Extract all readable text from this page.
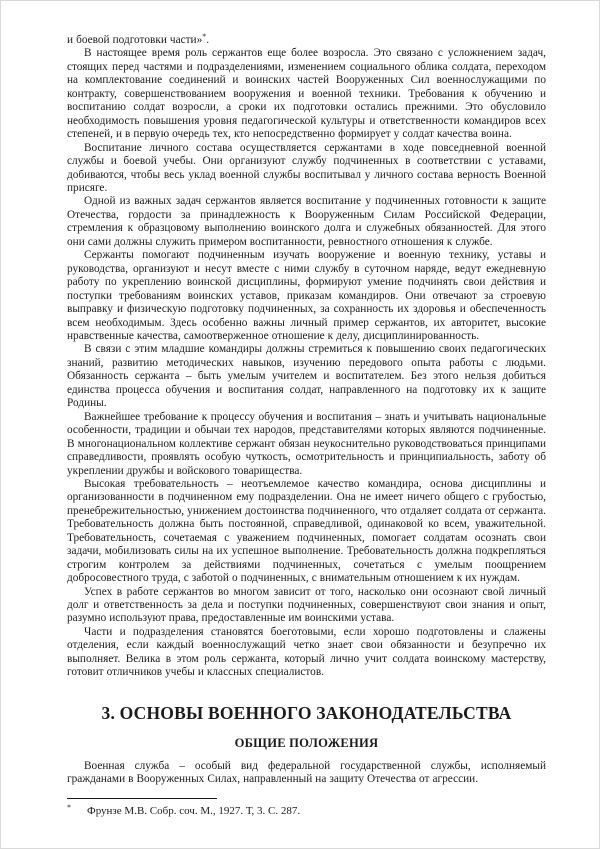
и боевой подготовки части»*.

В настоящее время роль сержантов еще более возросла. Это связано с усложнением задач, стоящих перед частями и подразделениями, изменением социального облика солдата, переходом на комплектование соединений и воинских частей Вооруженных Сил военнослужащими по контракту, совершенствованием вооружения и военной техники. Требования к обучению и воспитанию солдат возросли, а сроки их подготовки остались прежними. Это обусловило необходимость повышения уровня педагогической культуры и ответственности командиров всех степеней, и в первую очередь тех, кто непосредственно формирует у солдат качества воина.

Воспитание личного состава осуществляется сержантами в ходе повседневной военной службы и боевой учебы. Они организуют службу подчиненных в соответствии с уставами, добиваются, чтобы весь уклад военной службы воспитывал у личного состава верность Военной присяге.

Одной из важных задач сержантов является воспитание у подчиненных готовности к защите Отечества, гордости за принадлежность к Вооруженным Силам Российской Федерации, стремления к образцовому выполнению воинского долга и служебных обязанностей. Для этого они сами должны служить примером воспитанности, ревностного отношения к службе.

Сержанты помогают подчиненным изучать вооружение и военную технику, уставы и руководства, организуют и несут вместе с ними службу в суточном наряде, ведут ежедневную работу по укреплению воинской дисциплины, формируют умение подчинять свои действия и поступки требованиям воинских уставов, приказам командиров. Они отвечают за строевую выправку и физическую подготовку подчиненных, за сохранность их здоровья и обеспеченность всем необходимым. Здесь особенно важны личный пример сержантов, их авторитет, высокие нравственные качества, самоотверженное отношение к делу, дисциплинированность.

В связи с этим младшие командиры должны стремиться к повышению своих педагогических знаний, развитию методических навыков, изучению передового опыта работы с людьми. Обязанность сержанта – быть умелым учителем и воспитателем. Без этого нельзя добиться единства процесса обучения и воспитания солдат, направленного на подготовку их к защите Родины.

Важнейшее требование к процессу обучения и воспитания – знать и учитывать национальные особенности, традиции и обычаи тех народов, представителями которых являются подчиненные. В многонациональном коллективе сержант обязан неукоснительно руководствоваться принципами справедливости, проявлять особую чуткость, осмотрительность и принципиальность, заботу об укреплении дружбы и войскового товарищества.

Высокая требовательность – неотъемлемое качество командира, основа дисциплины и организованности в подчиненном ему подразделении. Она не имеет ничего общего с грубостью, пренебрежительностью, унижением достоинства подчиненного, что отдаляет солдата от сержанта. Требовательность должна быть постоянной, справедливой, одинаковой ко всем, уважительной. Требовательность, сочетаемая с уважением подчиненных, помогает солдатам осознать свои задачи, мобилизовать силы на их успешное выполнение. Требовательность должна подкрепляться строгим контролем за действиями подчиненных, сочетаться с умелым поощрением добросовестного труда, с заботой о подчиненных, с внимательным отношением к их нуждам.

Успех в работе сержантов во многом зависит от того, насколько они осознают свой личный долг и ответственность за дела и поступки подчиненных, совершенствуют свои знания и опыт, разумно используют права, предоставленные им воинскими устава.

Части и подразделения становятся боеготовыми, если хорошо подготовлены и слажены отделения, если каждый военнослужащий четко знает свои обязанности и безупречно их выполняет. Велика в этом роль сержанта, который лично учит солдата воинскому мастерству, готовит отличников учебы и классных специалистов.

3. ОСНОВЫ ВОЕННОГО ЗАКОНОДАТЕЛЬСТВА
ОБЩИЕ ПОЛОЖЕНИЯ

Военная служба – особый вид федеральной государственной службы, исполняемый гражданами в Вооруженных Силах, направленный на защиту Отечества от агрессии.

* Фрунзе М.В. Собр. соч. М., 1927. Т, 3. С. 287.
